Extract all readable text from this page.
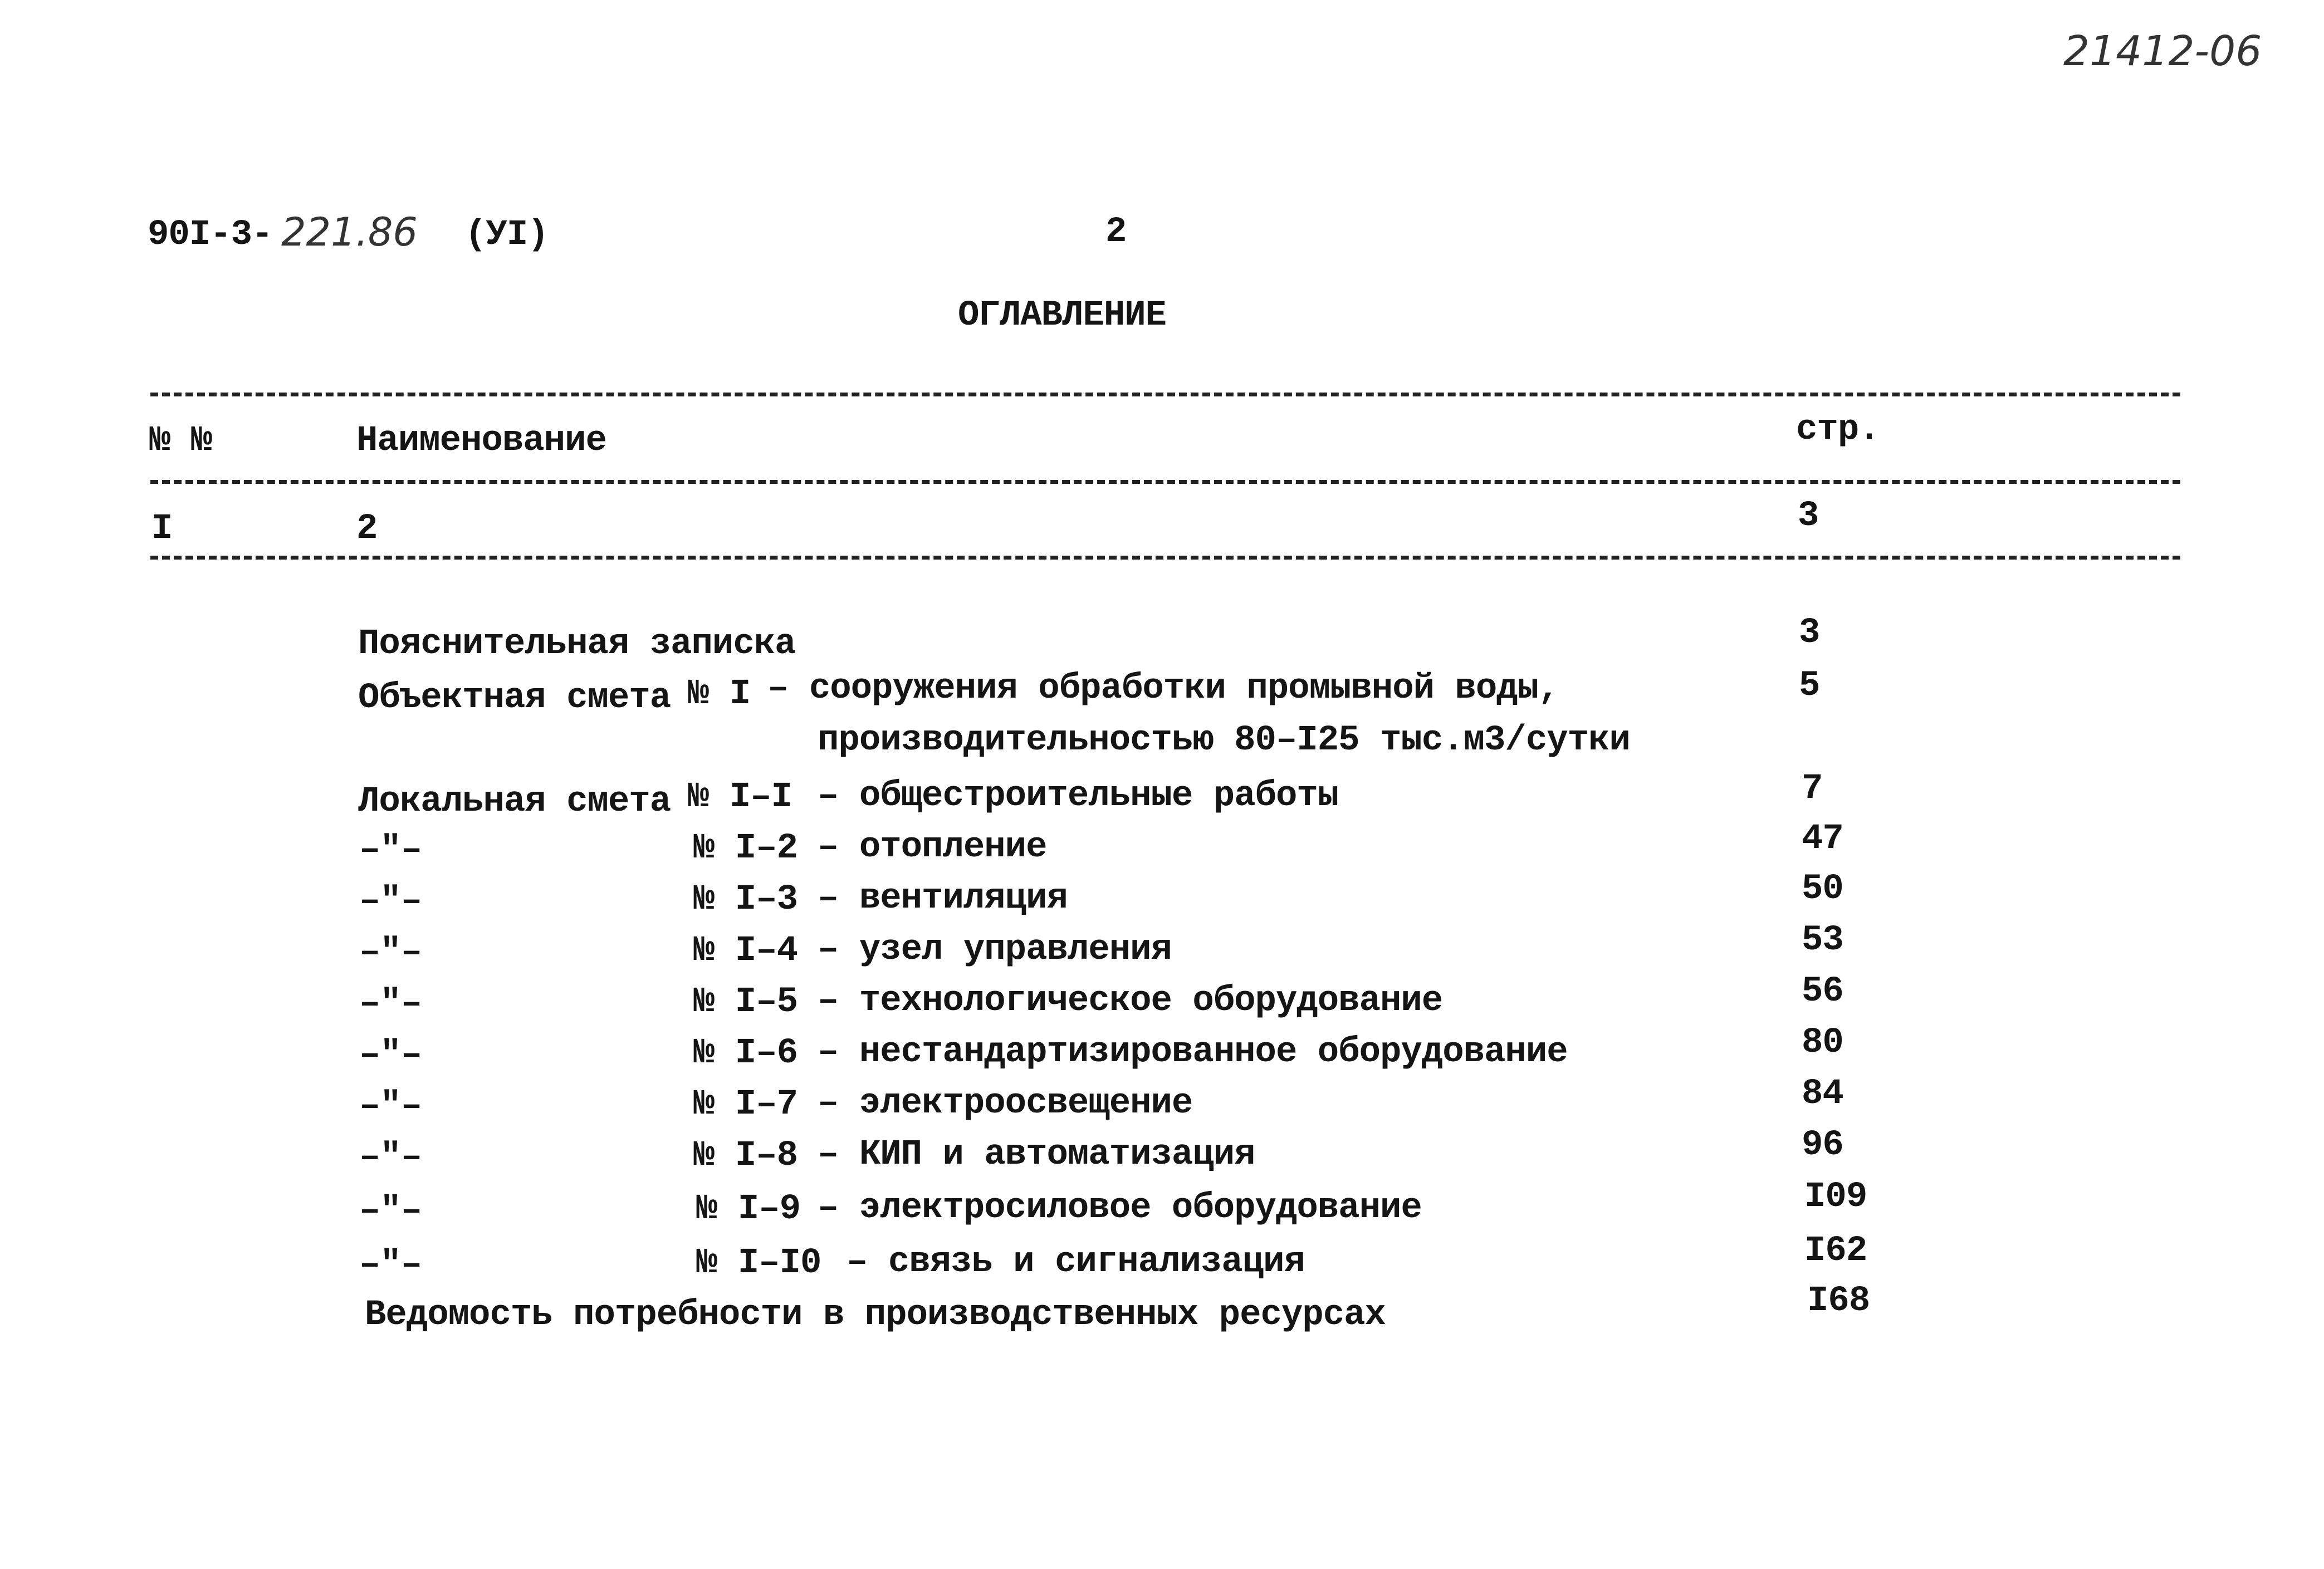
21412-06
90I-3- 221.86 (УI)	2
ОГЛАВЛЕНИЕ
№ №	Наименование	стр.
I	2	3
Пояснительная записка	3
Объектная смета № I – сооружения обработки промывной воды,	5
производительностью 80–I25 тыс.м3/сутки
Локальная смета № I–I – общестроительные работы	7
–"–	№ I–2 – отопление	47
–"–	№ I–3 – вентиляция	50
–"–	№ I–4 – узел управления	53
–"–	№ I–5 – технологическое оборудование	56
–"–	№ I–6 – нестандартизированное оборудование	80
–"–	№ I–7 – электроосвещение	84
–"–	№ I–8 – КИП и автоматизация	96
–"–	№ I–9 – электросиловое оборудование	I09
–"–	№ I–I0 – связь и сигнализация	I62
Ведомость потребности в производственных ресурсах	I68
